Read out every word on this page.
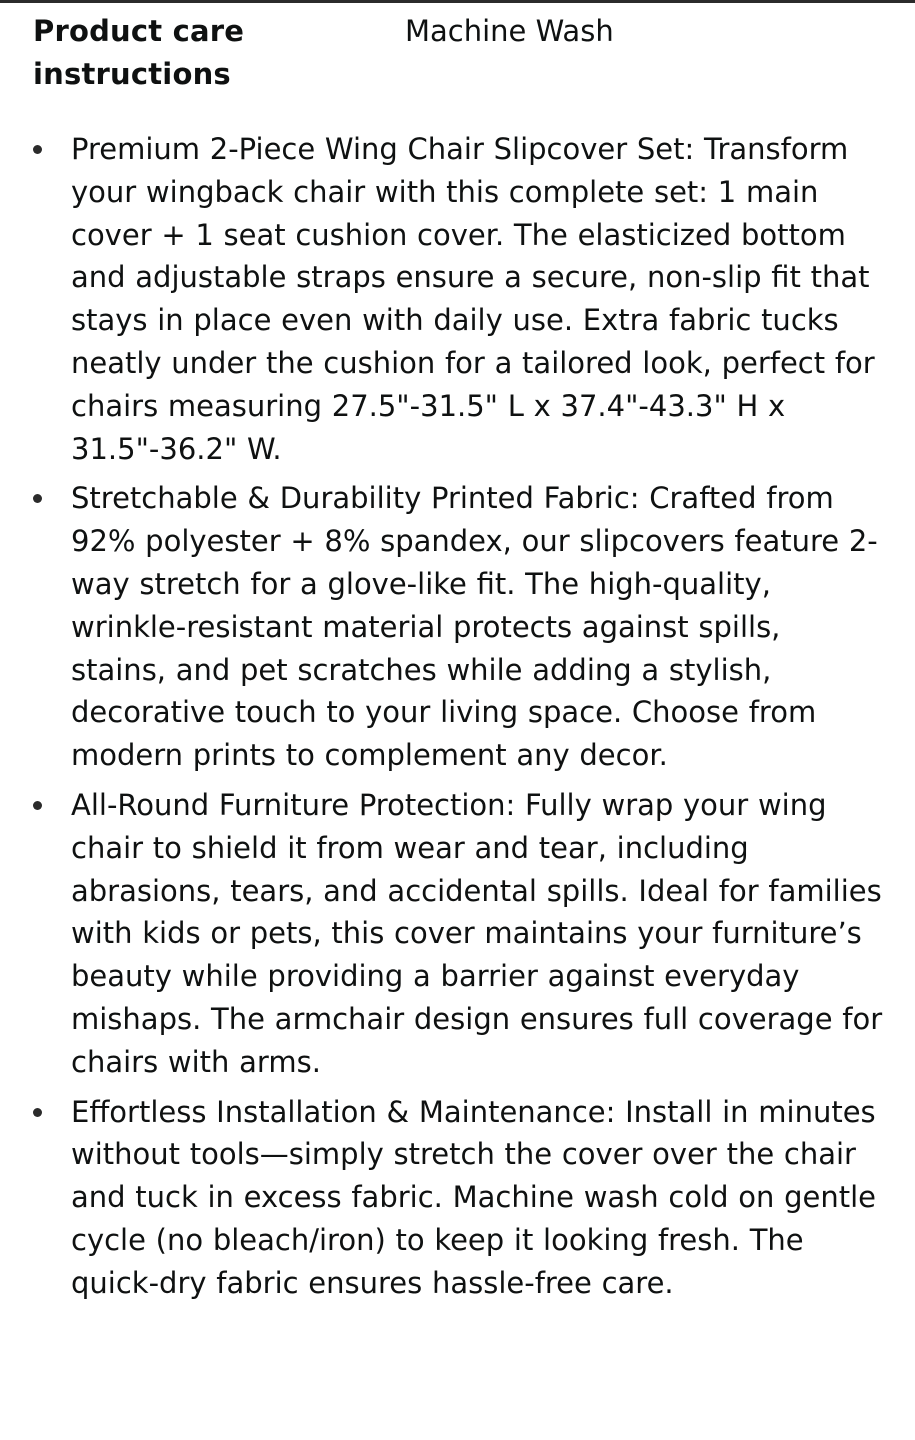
Product care instructions
Machine Wash
Premium 2-Piece Wing Chair Slipcover Set: Transform your wingback chair with this complete set: 1 main cover + 1 seat cushion cover. The elasticized bottom and adjustable straps ensure a secure, non-slip fit that stays in place even with daily use. Extra fabric tucks neatly under the cushion for a tailored look, perfect for chairs measuring 27.5"-31.5" L x 37.4"-43.3" H x 31.5"-36.2" W.
Stretchable & Durability Printed Fabric: Crafted from 92% polyester + 8% spandex, our slipcovers feature 2-way stretch for a glove-like fit. The high-quality, wrinkle-resistant material protects against spills, stains, and pet scratches while adding a stylish, decorative touch to your living space. Choose from modern prints to complement any decor.
All-Round Furniture Protection: Fully wrap your wing chair to shield it from wear and tear, including abrasions, tears, and accidental spills. Ideal for families with kids or pets, this cover maintains your furniture’s beauty while providing a barrier against everyday mishaps. The armchair design ensures full coverage for chairs with arms.
Effortless Installation & Maintenance: Install in minutes without tools—simply stretch the cover over the chair and tuck in excess fabric. Machine wash cold on gentle cycle (no bleach/iron) to keep it looking fresh. The quick-dry fabric ensures hassle-free care.
